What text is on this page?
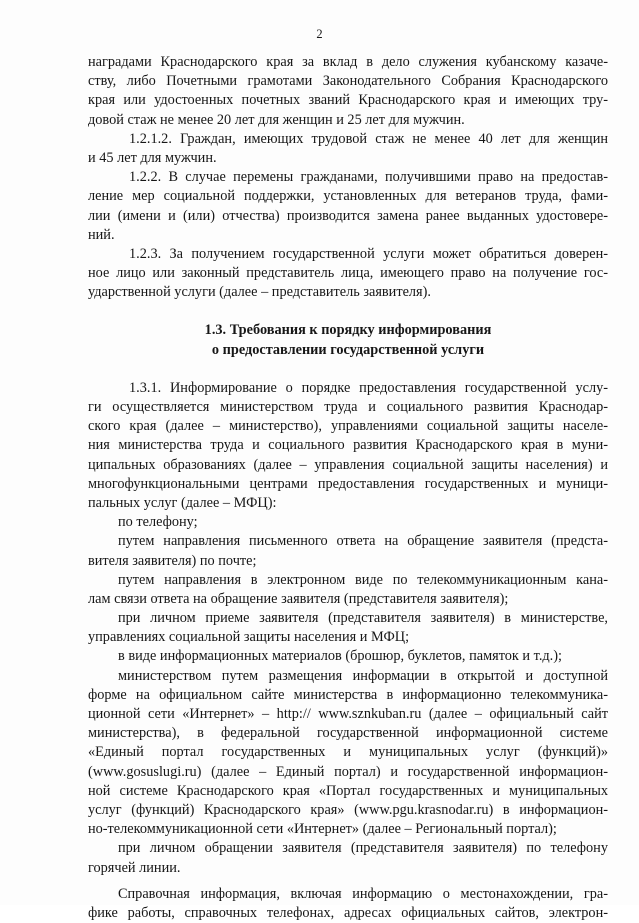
2
наградами Краснодарского края за вклад в дело служения кубанскому казаче-
ству, либо Почетными грамотами Законодательного Собрания Краснодарского
края или удостоенных почетных званий Краснодарского края и имеющих тру-
довой стаж не менее 20 лет для женщин и 25 лет для мужчин.
1.2.1.2. Граждан, имеющих трудовой стаж не менее 40 лет для женщин
и 45 лет для мужчин.
1.2.2. В случае перемены гражданами, получившими право на предостав-
ление мер социальной поддержки, установленных для ветеранов труда, фами-
лии (имени и (или) отчества) производится замена ранее выданных удостовере-
ний.
1.2.3. За получением государственной услуги может обратиться доверен-
ное лицо или законный представитель лица, имеющего право на получение гос-
ударственной услуги (далее – представитель заявителя).
1.3. Требования к порядку информирования
о предоставлении государственной услуги
1.3.1. Информирование о порядке предоставления государственной услу-
ги осуществляется министерством труда и социального развития Краснодар-
ского края (далее – министерство), управлениями социальной защиты населе-
ния министерства труда и социального развития Краснодарского края в муни-
ципальных образованиях (далее – управления социальной защиты населения) и
многофункциональными центрами предоставления государственных и муници-
пальных услуг (далее – МФЦ):
по телефону;
путем направления письменного ответа на обращение заявителя (предста-
вителя заявителя) по почте;
путем направления в электронном виде по телекоммуникационным кана-
лам связи ответа на обращение заявителя (представителя заявителя);
при личном приеме заявителя (представителя заявителя) в министерстве,
управлениях социальной защиты населения и МФЦ;
в виде информационных материалов (брошюр, буклетов, памяток и т.д.);
министерством путем размещения информации в открытой и доступной
форме на официальном сайте министерства в информационно телекоммуника-
ционной сети «Интернет» – http:// www.sznkuban.ru (далее – официальный сайт
министерства), в федеральной государственной информационной системе
«Единый портал государственных и муниципальных услуг (функций)»
(www.gosuslugi.ru) (далее – Единый портал) и государственной информацион-
ной системе Краснодарского края «Портал государственных и муниципальных
услуг (функций) Краснодарского края» (www.pgu.krasnodar.ru) в информацион-
но-телекоммуникационной сети «Интернет» (далее – Региональный портал);
при личном обращении заявителя (представителя заявителя) по телефону
горячей линии.
Справочная информация, включая информацию о местонахождении, гра-
фике работы, справочных телефонах, адресах официальных сайтов, электрон-
